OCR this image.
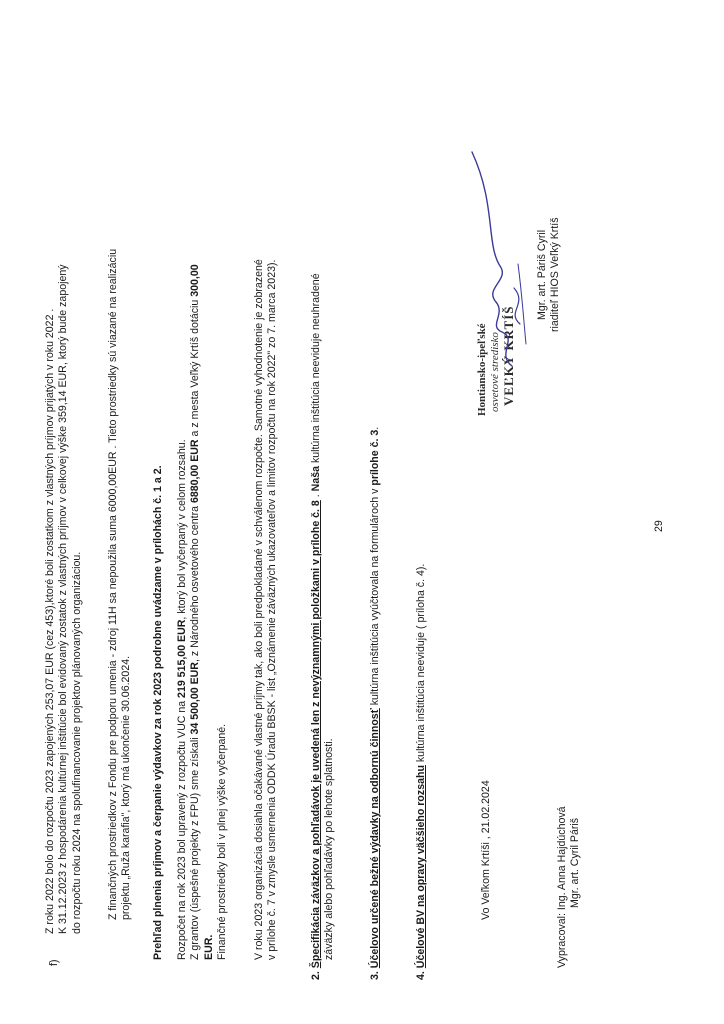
f)
Z roku 2022 bolo do rozpočtu 2023 zapojených 253,07 EUR (cez 453),ktoré boli zostatkom z vlastných príjmov prijatých v roku 2022 . K 31.12.2023 z hospodárenia kultúrnej inštitúcie bol evidovaný zostatok z vlastných príjmov v celkovej výške 359,14 EUR, ktorý bude zapojený do rozpočtu roku 2024 na spolufinancovanie projektov plánovaných organizáciou. Z finančných prostriedkov z Fondu pre podporu umenia - zdroj 11H sa nepoužila suma 6000,00EUR . Tieto prostriedky sú viazané na realizáciu projektu „Ruža karafia", ktorý má ukončenie 30.06.2024. Prehľad plnenia príjmov a čerpanie výdavkov za rok 2023 podrobne uvádzame v prílohách č. 1 a 2. Rozpočet na rok 2023 bol upravený z rozpočtu VUC na 219 515,00 EUR, ktorý bol vyčerpaný v celom rozsahu.
Z grantov (úspešné projekty z FPU) sme získali 34 500,00 EUR, z Národného osvetového centra 6880,00 EUR a z mesta Veľký Krtíš dotáciu 300,00
EUR. Finančné prostriedky boli v plnej výške vyčerpané. V roku 2023 organizácia dosiahla očakávané vlastné príjmy tak, ako boli predpokladané v schválenom rozpočte. Samotné vyhodnotenie je zobrazené v prílohe č. 7 v zmysle usmernenia ODDK Úradu BBSK - list „Oznámenie záväzných ukazovateľov a limitov rozpočtu na rok 2022" zo 7. marca 2023).
2. Špecifikácia záväzkov a pohľadávok je uvedená len z nevýznamnými položkami v prílohe č. 8 . Naša kultúrna inštitúcia neeviduje neuhradené
záväzky alebo pohľadávky po lehote splatnosti.
3. Účelovo určené bežné výdavky na odbornú činnosť kultúrna inštitúcia vyúčtovala na formulároch v prílohe č. 3.
4. Účelové BV na opravy väčšieho rozsahu kultúrna inštitúcia neeviduje ( príloha č. 4).
Vo Veľkom Krtíši , 21.02.2024	Vypracoval: Ing. Anna Hajdúchová Mgr. art. Cyril Páriš
Hontiansko-ipeľské osvetové stredisko VEĽKÝ KRTÍŠ
Mgr. art. Páriš Cyril riaditeľ HIOS Veľký Krtíš
29
